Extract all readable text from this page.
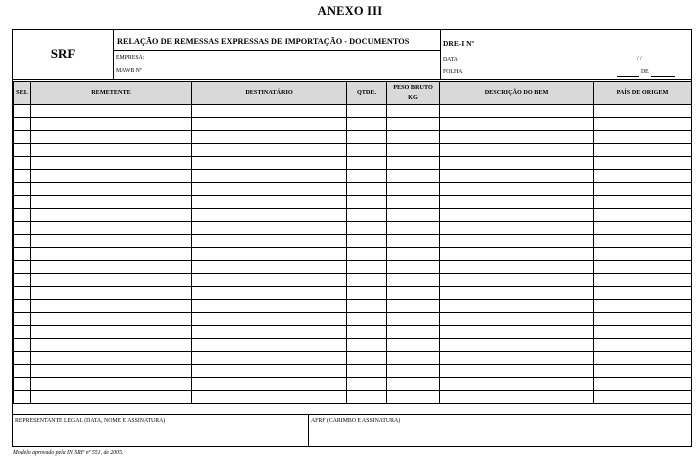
ANEXO III
SRF
RELAÇÃO DE REMESSAS EXPRESSAS DE IMPORTAÇÃO - DOCUMENTOS
EMPRESA:
MAWB Nº
DRE-I Nº
DATA	/ /
FOLHA	DE
SEL	REMETENTE	DESTINATÁRIO	QTDE.	PESO BRUTO KG	DESCRIÇÃO DO BEM	PAÍS DE ORIGEM

REPRESENTANTE LEGAL (DATA, NOME E ASSINATURA)	AFRF (CARIMBO E ASSINATURA)
Modelo aprovado pela IN SRF nº 551, de 2005.
